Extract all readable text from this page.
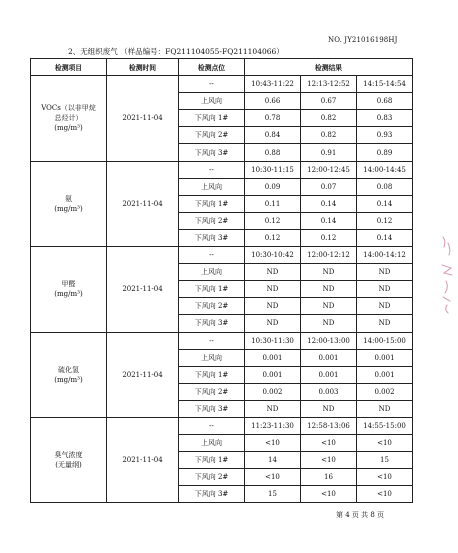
NO. JY21016198HJ
2、无组织废气 （样品编号：FQ211104055-FQ211104066）
检测项目	检测时间	检测点位	检测结果		

VOCs（以非甲烷
总烃计）
(mg/m³)	2021-11-04	--	10:43-11:22	12:13-12:52	14:15-14:54
		上风向	0.66	0.67	0.68
		下风向 1#	0.78	0.82	0.83
		下风向 2#	0.84	0.82	0.93
		下风向 3#	0.88	0.91	0.89

氨
(mg/m³)	2021-11-04	--	10:30-11:15	12:00-12:45	14:00-14:45
		上风向	0.09	0.07	0.08
		下风向 1#	0.11	0.14	0.14
		下风向 2#	0.12	0.14	0.12
		下风向 3#	0.12	0.12	0.14

甲醛
(mg/m³)	2021-11-04	--	10:30-10:42	12:00-12:12	14:00-14:12
		上风向	ND	ND	ND
		下风向 1#	ND	ND	ND
		下风向 2#	ND	ND	ND
		下风向 3#	ND	ND	ND

硫化氢
(mg/m³)	2021-11-04	--	10:30-11:30	12:00-13:00	14:00-15:00
		上风向	0.001	0.001	0.001
		下风向 1#	0.001	0.001	0.001
		下风向 2#	0.002	0.003	0.002
		下风向 3#	ND	ND	ND

臭气浓度
(无量纲)	2021-11-04	--	11:23-11:30	12:58-13:06	14:55-15:00
		上风向	<10	<10	<10
		下风向 1#	14	<10	15
		下风向 2#	<10	16	<10
		下风向 3#	15	<10	<10
第 4 页 共 8 页
